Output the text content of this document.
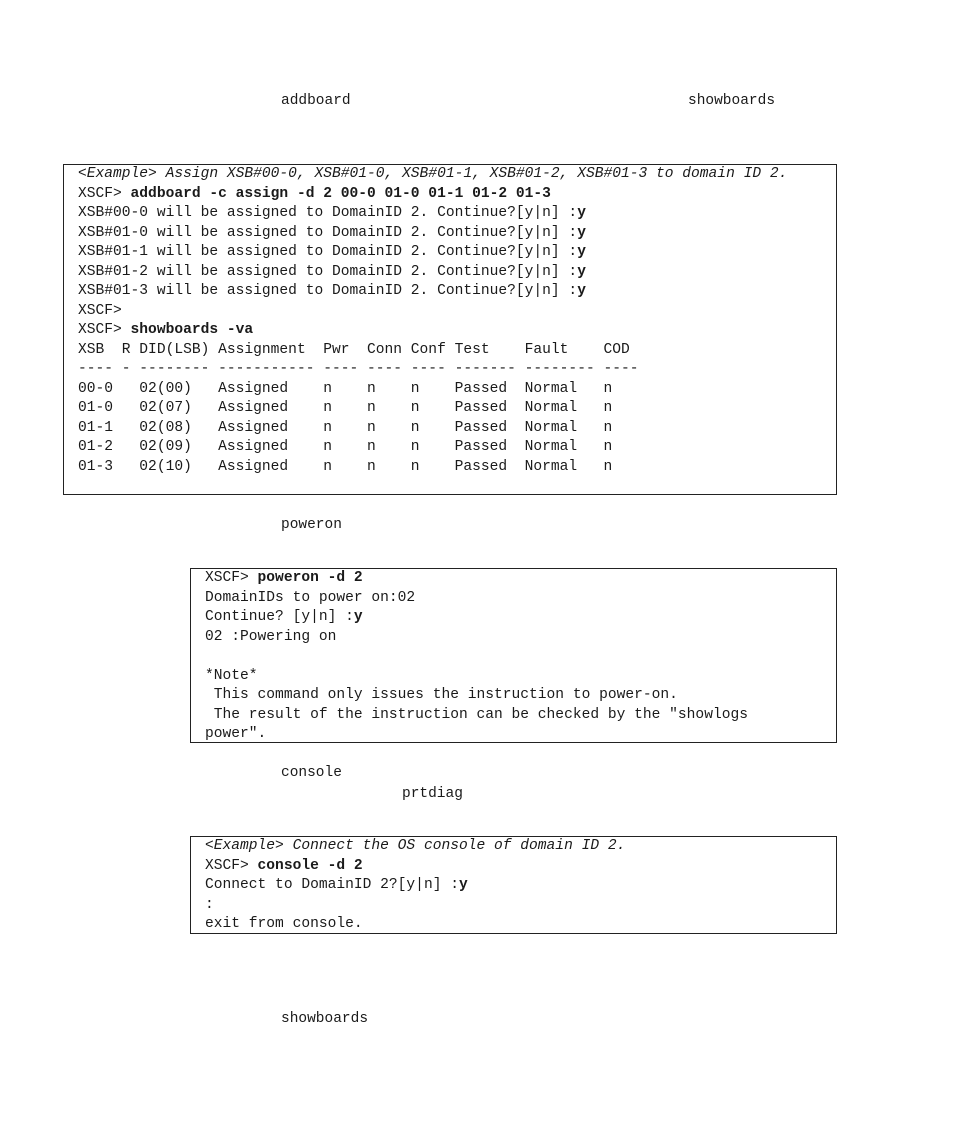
addboard	showboards
<Example> Assign XSB#00-0, XSB#01-0, XSB#01-1, XSB#01-2, XSB#01-3 to domain ID 2.
XSCF> addboard -c assign -d 2 00-0 01-0 01-1 01-2 01-3
XSB#00-0 will be assigned to DomainID 2. Continue?[y|n] :y
XSB#01-0 will be assigned to DomainID 2. Continue?[y|n] :y
XSB#01-1 will be assigned to DomainID 2. Continue?[y|n] :y
XSB#01-2 will be assigned to DomainID 2. Continue?[y|n] :y
XSB#01-3 will be assigned to DomainID 2. Continue?[y|n] :y
XSCF>
XSCF> showboards -va
XSB  R DID(LSB) Assignment  Pwr  Conn Conf Test    Fault    COD
---- - -------- ----------- ---- ---- ---- ------- -------- ----
00-0   02(00)   Assigned    n    n    n    Passed  Normal   n
01-0   02(07)   Assigned    n    n    n    Passed  Normal   n
01-1   02(08)   Assigned    n    n    n    Passed  Normal   n
01-2   02(09)   Assigned    n    n    n    Passed  Normal   n
01-3   02(10)   Assigned    n    n    n    Passed  Normal   n
poweron
XSCF> poweron -d 2
DomainIDs to power on:02
Continue? [y|n] :y
02 :Powering on
*Note*
This command only issues the instruction to power-on.
The result of the instruction can be checked by the "showlogs
power".
console
prtdiag
<Example> Connect the OS console of domain ID 2.
XSCF> console -d 2
Connect to DomainID 2?[y|n] :y
:
exit from console.
showboards
